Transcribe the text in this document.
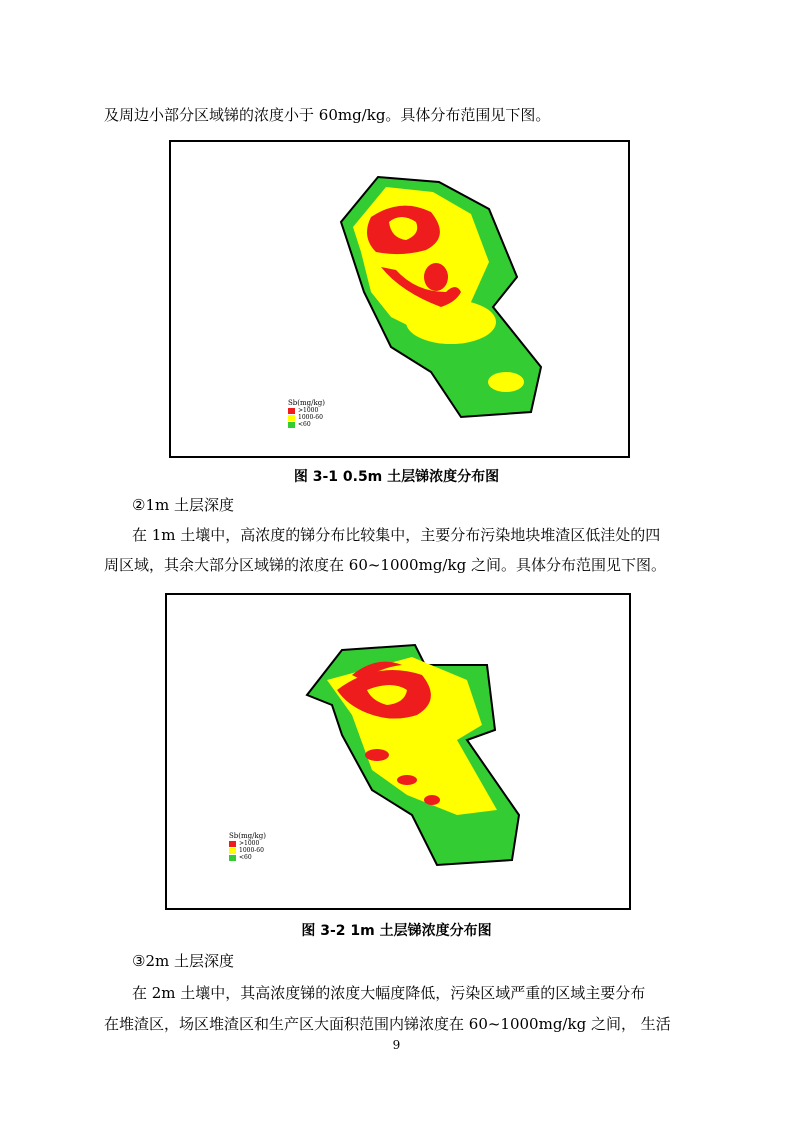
及周边小部分区域锑的浓度小于 60mg/kg。具体分布范围见下图。

Sb(mg/kg)
>1000
1000-60
<60
图 3-1 0.5m 土层锑浓度分布图

②1m 土层深度

在 1m 土壤中，高浓度的锑分布比较集中，主要分布污染地块堆渣区低洼处的四

周区域，其余大部分区域锑的浓度在 60~1000mg/kg 之间。具体分布范围见下图。

Sb(mg/kg)
>1000
1000-60
<60
图 3-2 1m 土层锑浓度分布图

③2m 土层深度

在 2m 土壤中，其高浓度锑的浓度大幅度降低，污染区域严重的区域主要分布

在堆渣区，场区堆渣区和生产区大面积范围内锑浓度在 60~1000mg/kg 之间， 生活

9
